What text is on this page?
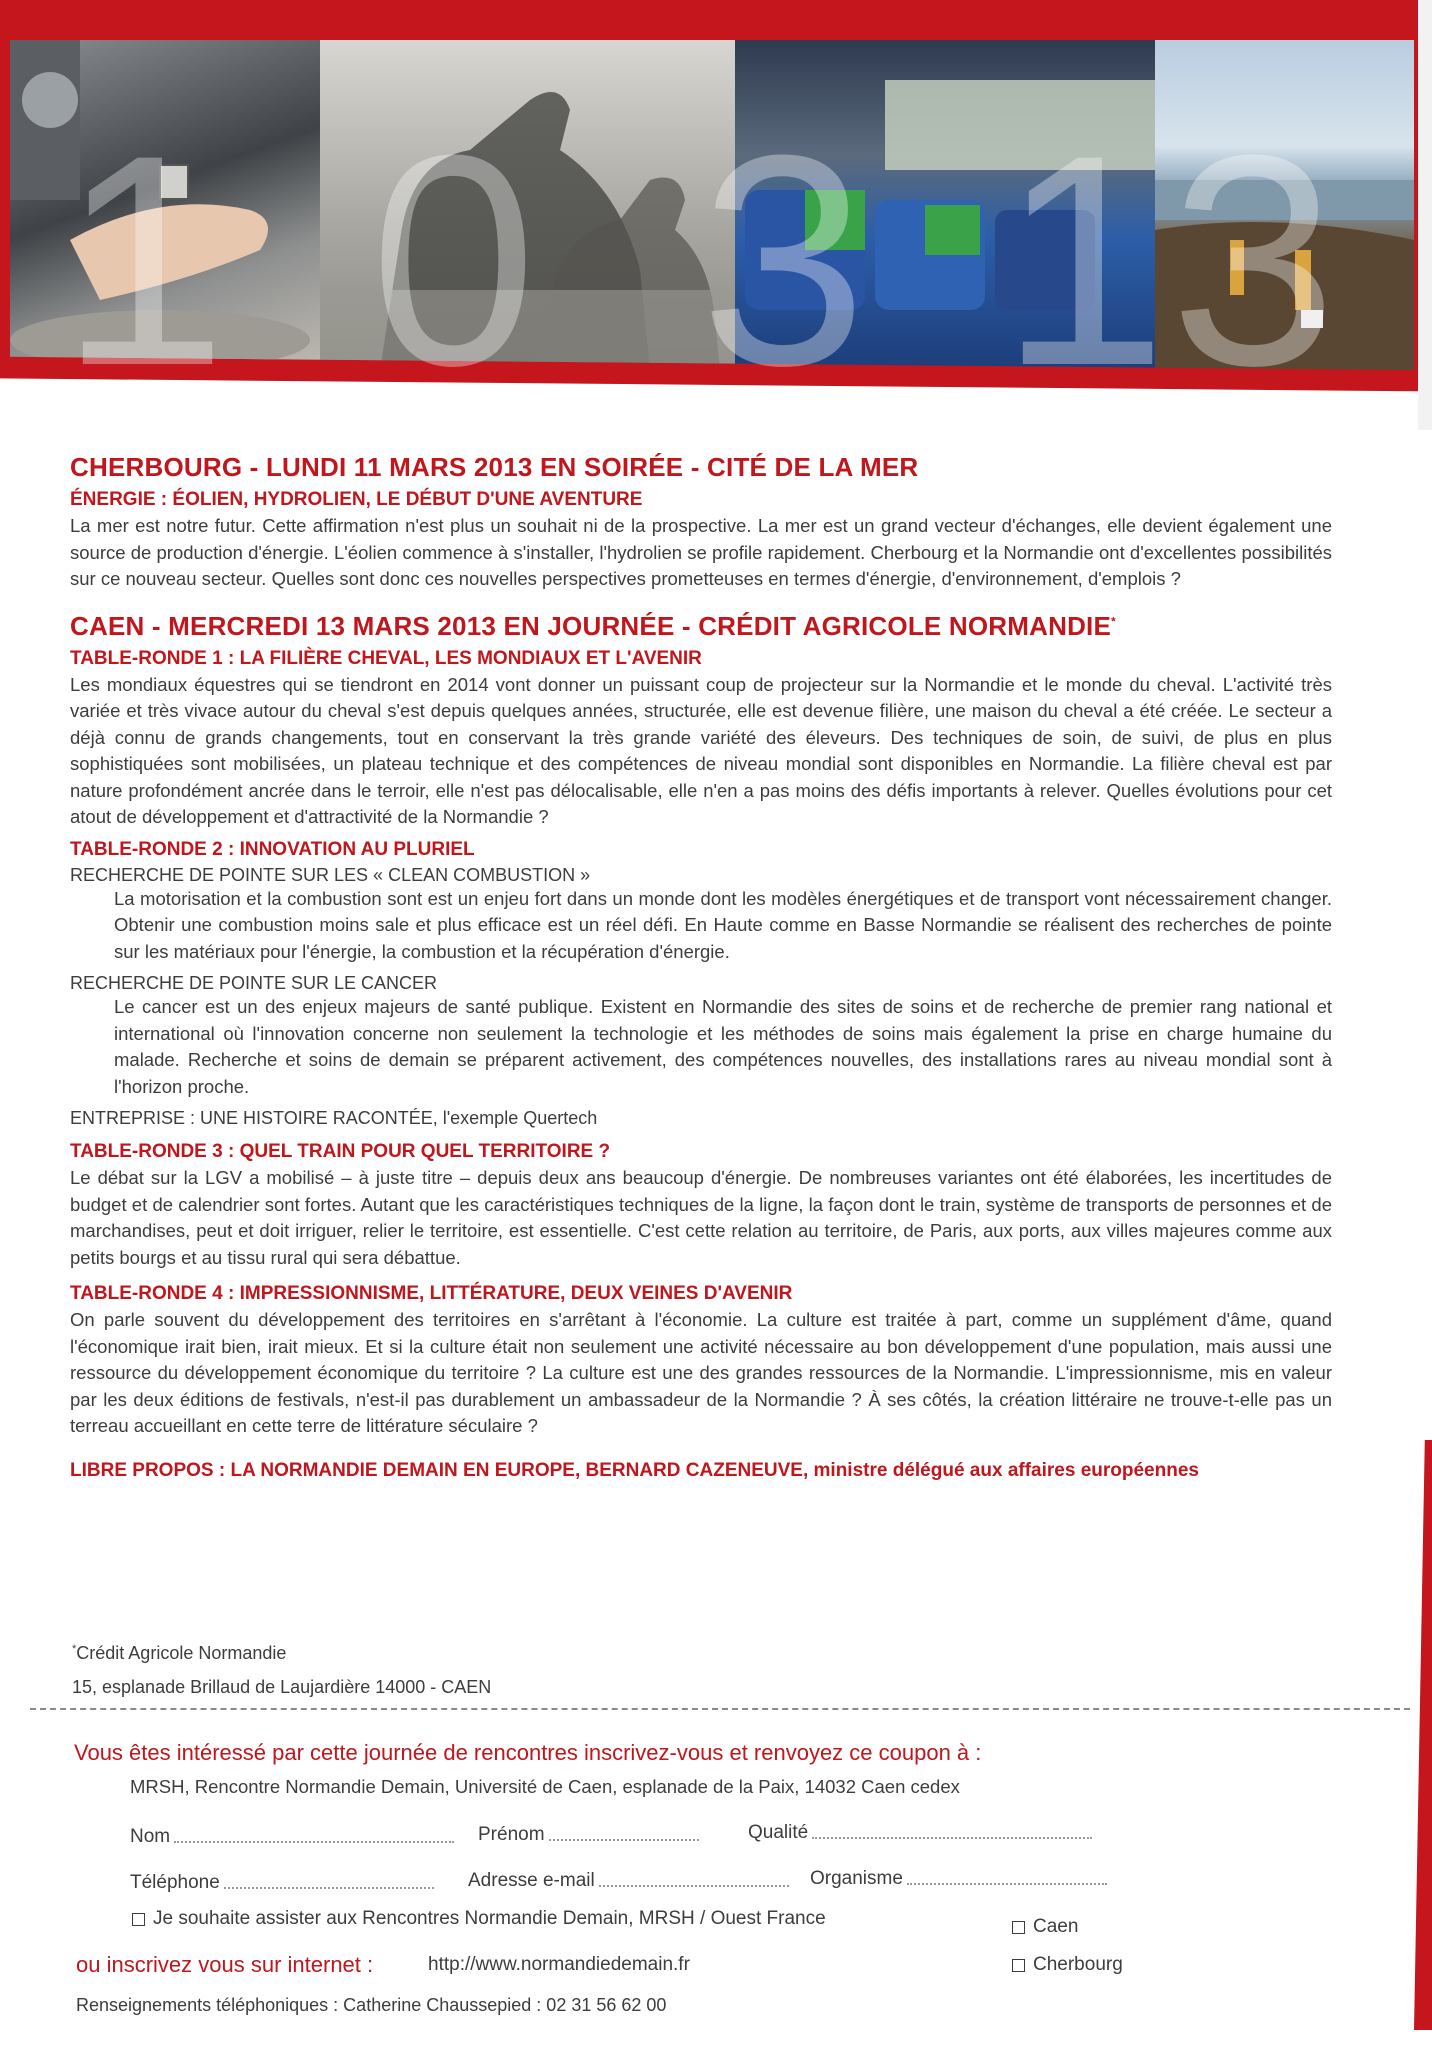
1 0 3 1 3
CHERBOURG - LUNDI 11 MARS 2013 EN SOIRÉE - CITÉ DE LA MER
ÉNERGIE : ÉOLIEN, HYDROLIEN, LE DÉBUT D'UNE AVENTURE

La mer est notre futur. Cette affirmation n'est plus un souhait ni de la prospective. La mer est un grand vecteur d'échanges, elle devient également une source de production d'énergie. L'éolien commence à s'installer, l'hydrolien se profile rapidement. Cherbourg et la Normandie ont d'excellentes possibilités sur ce nouveau secteur. Quelles sont donc ces nouvelles perspectives prometteuses en termes d'énergie, d'environnement, d'emplois ?

CAEN - MERCREDI 13 MARS 2013 EN JOURNÉE - CRÉDIT AGRICOLE NORMANDIE*
TABLE-RONDE 1 : LA FILIÈRE CHEVAL, LES MONDIAUX ET L'AVENIR

Les mondiaux équestres qui se tiendront en 2014 vont donner un puissant coup de projecteur sur la Normandie et le monde du cheval. L'activité très variée et très vivace autour du cheval s'est depuis quelques années, structurée, elle est devenue filière, une maison du cheval a été créée. Le secteur a déjà connu de grands changements, tout en conservant la très grande variété des éleveurs. Des techniques de soin, de suivi, de plus en plus sophistiquées sont mobilisées, un plateau technique et des compétences de niveau mondial sont disponibles en Normandie. La filière cheval est par nature profondément ancrée dans le terroir, elle n'est pas délocalisable, elle n'en a pas moins des défis importants à relever. Quelles évolutions pour cet atout de développement et d'attractivité de la Normandie ?

TABLE-RONDE 2 : INNOVATION AU PLURIEL
RECHERCHE DE POINTE SUR LES « CLEAN COMBUSTION »

La motorisation et la combustion sont est un enjeu fort dans un monde dont les modèles énergétiques et de transport vont nécessairement changer. Obtenir une combustion moins sale et plus efficace est un réel défi. En Haute comme en Basse Normandie se réalisent des recherches de pointe sur les matériaux pour l'énergie, la combustion et la récupération d'énergie.

RECHERCHE DE POINTE SUR LE CANCER

Le cancer est un des enjeux majeurs de santé publique. Existent en Normandie des sites de soins et de recherche de premier rang national et international où l'innovation concerne non seulement la technologie et les méthodes de soins mais également la prise en charge humaine du malade. Recherche et soins de demain se préparent activement, des compétences nouvelles, des installations rares au niveau mondial sont à l'horizon proche.

ENTREPRISE : UNE HISTOIRE RACONTÉE, l'exemple Quertech
TABLE-RONDE 3 : QUEL TRAIN POUR QUEL TERRITOIRE ?

Le débat sur la LGV a mobilisé – à juste titre – depuis deux ans beaucoup d'énergie. De nombreuses variantes ont été élaborées, les incertitudes de budget et de calendrier sont fortes. Autant que les caractéristiques techniques de la ligne, la façon dont le train, système de transports de personnes et de marchandises, peut et doit irriguer, relier le territoire, est essentielle. C'est cette relation au territoire, de Paris, aux ports, aux villes majeures comme aux petits bourgs et au tissu rural qui sera débattue.

TABLE-RONDE 4 : IMPRESSIONNISME, LITTÉRATURE, DEUX VEINES D'AVENIR

On parle souvent du développement des territoires en s'arrêtant à l'économie. La culture est traitée à part, comme un supplément d'âme, quand l'économique irait bien, irait mieux. Et si la culture était non seulement une activité nécessaire au bon développement d'une population, mais aussi une ressource du développement économique du territoire ? La culture est une des grandes ressources de la Normandie. L'impressionnisme, mis en valeur par les deux éditions de festivals, n'est-il pas durablement un ambassadeur de la Normandie ? À ses côtés, la création littéraire ne trouve-t-elle pas un terreau accueillant en cette terre de littérature séculaire ?

LIBRE PROPOS : LA NORMANDIE DEMAIN EN EUROPE, BERNARD CAZENEUVE, ministre délégué aux affaires européennes
*Crédit Agricole Normandie
15, esplanade Brillaud de Laujardière 14000 - CAEN
Vous êtes intéressé par cette journée de rencontres inscrivez-vous et renvoyez ce coupon à :
MRSH, Rencontre Normandie Demain, Université de Caen, esplanade de la Paix, 14032 Caen cedex
Nom	Prénom	Qualité
Téléphone	Adresse e-mail	Organisme
Je souhaite assister aux Rencontres Normandie Demain, MRSH / Ouest France	Caen
Cherbourg
ou inscrivez vous sur internet :	http://www.normandiedemain.fr
Renseignements téléphoniques : Catherine Chaussepied : 02 31 56 62 00
